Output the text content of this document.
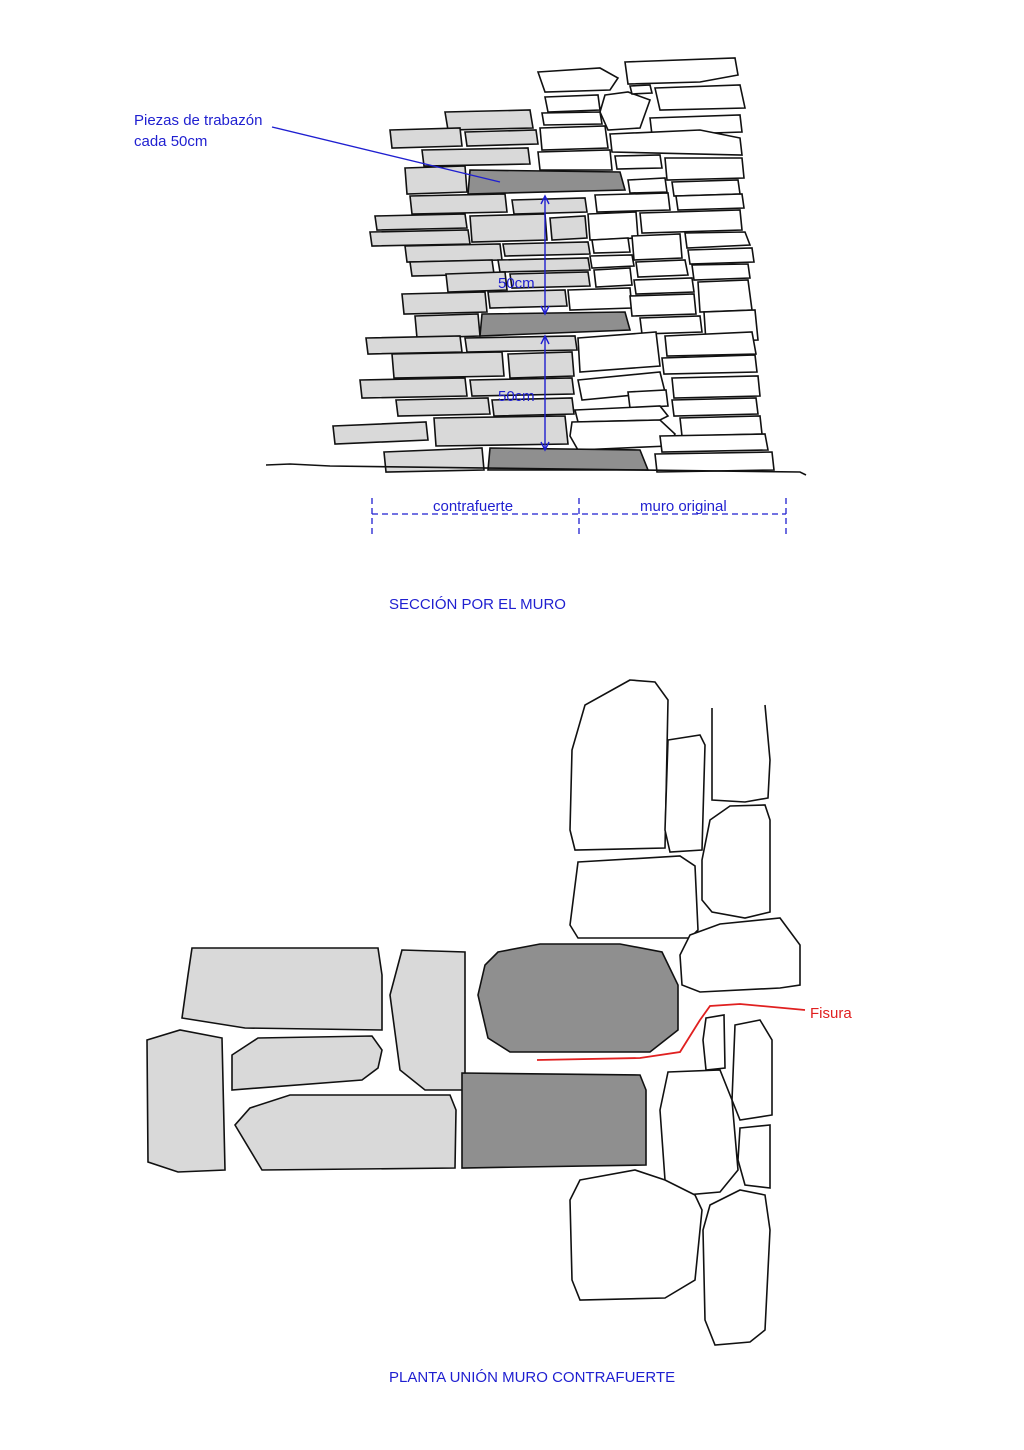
50cm
50cm
Piezas de trabazón
cada 50cm
contrafuerte	muro original
SECCIÓN POR EL MURO
Fisura
PLANTA UNIÓN MURO CONTRAFUERTE
